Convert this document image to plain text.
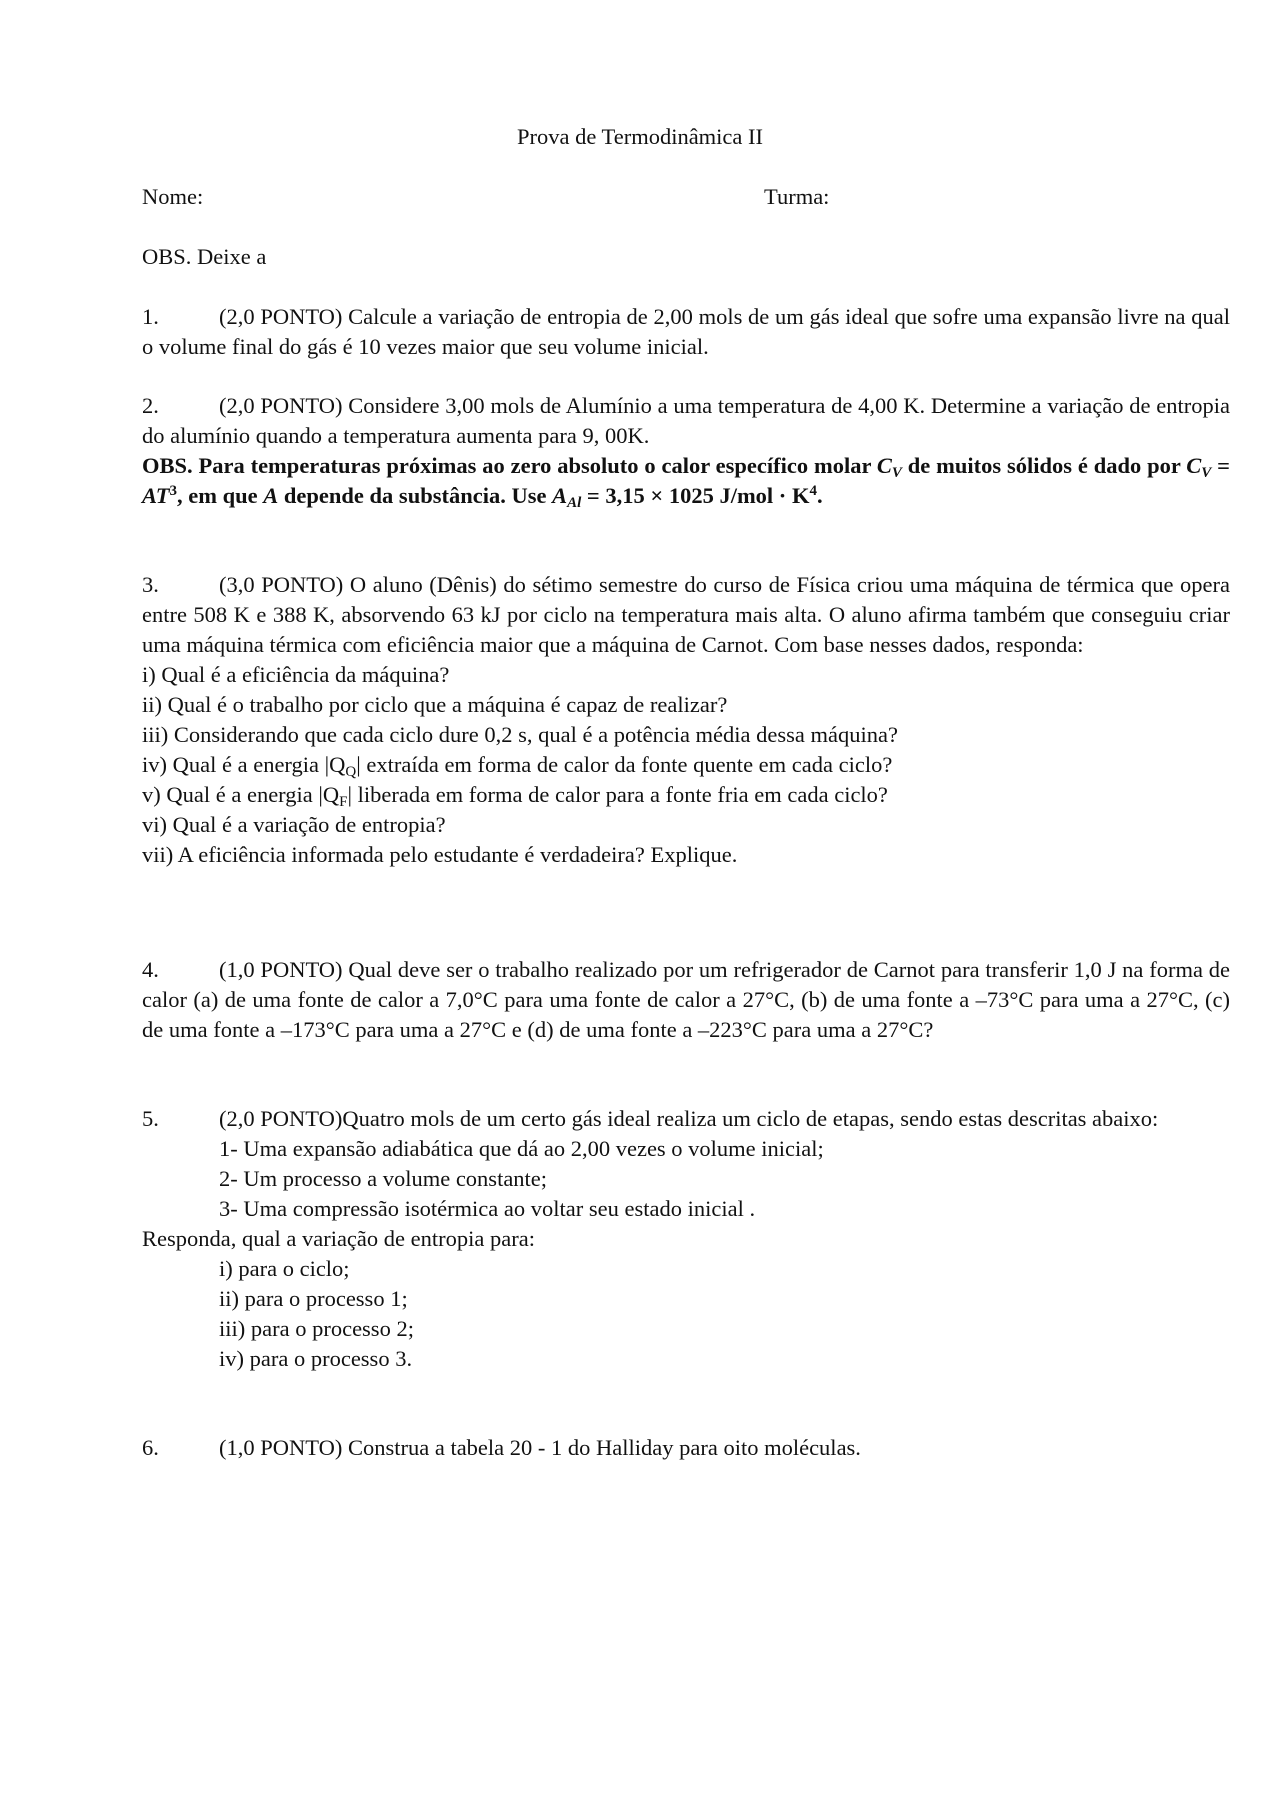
Prova de Termodinâmica II
Nome:	Turma:
OBS. Deixe a

1.	(2,0 PONTO) Calcule a variação de entropia de 2,00 mols de um gás ideal que sofre uma expansão livre na qual o volume final do gás é 10 vezes maior que seu volume inicial.

2.	(2,0 PONTO) Considere 3,00 mols de Alumínio a uma temperatura de 4,00 K. Determine a variação de entropia do alumínio quando a temperatura aumenta para 9, 00K.

OBS. Para temperaturas próximas ao zero absoluto o calor específico molar $C_V$ de muitos sólidos é dado por $C_V = AT^3$, em que A depende da substância. Use $A_{Al} = 3,15 \times 1025$ $J/mol \cdot K^4$.

3.	(3,0 PONTO) O aluno (Dênis) do sétimo semestre do curso de Física criou uma máquina de térmica que opera entre 508 K e 388 K, absorvendo 63 kJ por ciclo na temperatura mais alta. O aluno afirma também que conseguiu criar uma máquina térmica com eficiência maior que a máquina de Carnot. Com base nesses dados, responda:

i) Qual é a eficiência da máquina?

ii) Qual é o trabalho por ciclo que a máquina é capaz de realizar?

iii) Considerando que cada ciclo dure 0,2 s, qual é a potência média dessa máquina?

iv) Qual é a energia $|Q_Q|$ extraída em forma de calor da fonte quente em cada ciclo?

v) Qual é a energia $|Q_F|$ liberada em forma de calor para a fonte fria em cada ciclo?

vi) Qual é a variação de entropia?

vii) A eficiência informada pelo estudante é verdadeira? Explique.

4.	(1,0 PONTO) Qual deve ser o trabalho realizado por um refrigerador de Carnot para transferir 1,0 J na forma de calor (a) de uma fonte de calor a 7,0°C para uma fonte de calor a 27°C, (b) de uma fonte a –73°C para uma a 27°C, (c) de uma fonte a –173°C para uma a 27°C e (d) de uma fonte a –223°C para uma a 27°C?

5.	(2,0 PONTO)Quatro mols de um certo gás ideal realiza um ciclo de etapas, sendo estas descritas abaixo:

1- Uma expansão adiabática que dá ao 2,00 vezes o volume inicial;

2- Um processo a volume constante;

3- Uma compressão isotérmica ao voltar seu estado inicial .

Responda, qual a variação de entropia para:

i) para o ciclo;

ii) para o processo 1;

iii) para o processo 2;

iv) para o processo 3.

6.	(1,0 PONTO) Construa a tabela 20 - 1 do Halliday para oito moléculas.
